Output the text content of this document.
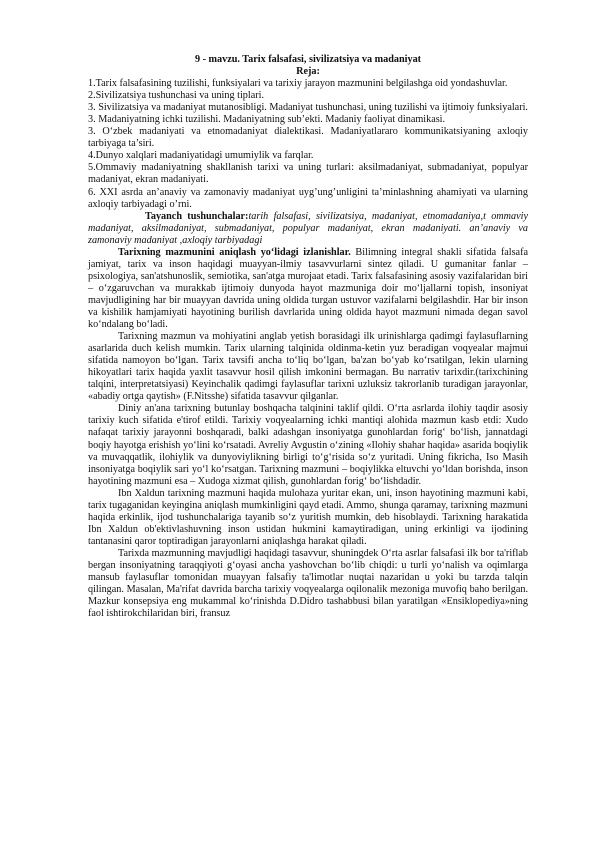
9 - mavzu. Tarix falsafasi, sivilizatsiya va madaniyat

Reja:

1.Tarix falsafasining tuzilishi, funksiyalari va tarixiy jarayon mazmunini belgilashga oid yondashuvlar.

2.Sivilizatsiya tushunchasi va uning tiplari.

3. Sivilizatsiya va madaniyat mutanosibligi. Madaniyat tushunchasi, uning tuzilishi va ijtimoiy funksiyalari.

3. Madaniyatning ichki tuzilishi. Madaniyatning sub’ekti. Madaniy faoliyat dinamikasi.

3. O‘zbek madaniyati va etnomadaniyat dialektikasi. Madaniyatlararo kommunikatsiyaning axloqiy tarbiyaga ta’siri.

4.Dunyo xalqlari madaniyatidagi umumiylik va farqlar.

5.Ommaviy madaniyatning shakllanish tarixi va uning turlari: aksilmadaniyat, submadaniyat, populyar madaniyat, ekran madaniyati.

6. XXI asrda an’anaviy va zamonaviy madaniyat uyg’ung’unligini ta’minlashning ahamiyati va ularning axloqiy tarbiyadagi o’rni.

Tayanch tushunchalar:tarih falsafasi, sivilizatsiya, madaniyat, etnomadaniya,t ommaviy madaniyat, aksilmadaniyat, submadaniyat, populyar madaniyat, ekran madaniyati. an’anaviy va zamonaviy madaniyat ,axloqiy tarbiyadagi

Tarixning mazmunini aniqlash yo‘lidagi izlanishlar. Bilimning integral shakli sifatida falsafa jamiyat, tarix va inson haqidagi muayyan-ilmiy tasavvurlarni sintez qiladi. U gumanitar fanlar – psixologiya, san'atshunoslik, semiotika, san'atga murojaat etadi. Tarix falsafasining asosiy vazifalaridan biri – o‘zgaruvchan va murakkab ijtimoiy dunyoda hayot mazmuniga doir mo‘ljallarni topish, insoniyat mavjudligining har bir muayyan davrida uning oldida turgan ustuvor vazifalarni belgilashdir. Har bir inson va kishilik hamjamiyati hayotining burilish davrlarida uning oldida hayot mazmuni nimada degan savol ko‘ndalang bo‘ladi.

Tarixning mazmun va mohiyatini anglab yetish borasidagi ilk urinishlarga qadimgi faylasuflarning asarlarida duch kelish mumkin. Tarix ularning talqinida oldinma-ketin yuz beradigan voqyealar majmui sifatida namoyon bo‘lgan. Tarix tavsifi ancha to‘liq bo‘lgan, ba'zan bo‘yab ko‘rsatilgan, lekin ularning hikoyatlari tarix haqida yaxlit tasavvur hosil qilish imkonini bermagan. Bu narrativ tarixdir.(tarixchining talqini, interpretatsiyasi) Keyinchalik qadimgi faylasuflar tarixni uzluksiz takrorlanib turadigan jarayonlar, «abadiy ortga qaytish» (F.Nitsshe) sifatida tasavvur qilganlar.

Diniy an'ana tarixning butunlay boshqacha talqinini taklif qildi. O‘rta asrlarda ilohiy taqdir asosiy tarixiy kuch sifatida e'tirof etildi. Tarixiy voqyealarning ichki mantiqi alohida mazmun kasb etdi: Xudo nafaqat tarixiy jarayonni boshqaradi, balki adashgan insoniyatga gunohlardan forig‘ bo‘lish, jannatdagi boqiy hayotga erishish yo‘lini ko‘rsatadi. Avreliy Avgustin o‘zining «Ilohiy shahar haqida» asarida boqiylik va muvaqqatlik, ilohiylik va dunyoviylikning birligi to‘g‘risida so‘z yuritadi. Uning fikricha, Iso Masih insoniyatga boqiylik sari yo‘l ko‘rsatgan. Tarixning mazmuni – boqiylikka eltuvchi yo‘ldan borishda, inson hayotining mazmuni esa – Xudoga xizmat qilish, gunohlardan forig‘ bo‘lishdadir.

Ibn Xaldun tarixning mazmuni haqida mulohaza yuritar ekan, uni, inson hayotining mazmuni kabi, tarix tugaganidan keyingina aniqlash mumkinligini qayd etadi. Ammo, shunga qaramay, tarixning mazmuni haqida erkinlik, ijod tushunchalariga tayanib so‘z yuritish mumkin, deb hisoblaydi. Tarixning harakatida Ibn Xaldun ob'ektivlashuvning inson ustidan hukmini kamaytiradigan, uning erkinligi va ijodining tantanasini qaror toptiradigan jarayonlarni aniqlashga harakat qiladi.

Tarixda mazmunning mavjudligi haqidagi tasavvur, shuningdek O‘rta asrlar falsafasi ilk bor ta'riflab bergan insoniyatning taraqqiyoti g‘oyasi ancha yashovchan bo‘lib chiqdi: u turli yo‘nalish va oqimlarga mansub faylasuflar tomonidan muayyan falsafiy ta'limotlar nuqtai nazaridan u yoki bu tarzda talqin qilingan. Masalan, Ma'rifat davrida barcha tarixiy voqyealarga oqilonalik mezoniga muvofiq baho berilgan. Mazkur konsepsiya eng mukammal ko‘rinishda D.Didro tashabbusi bilan yaratilgan «Ensiklopediya»ning faol ishtirokchilaridan biri, fransuz
